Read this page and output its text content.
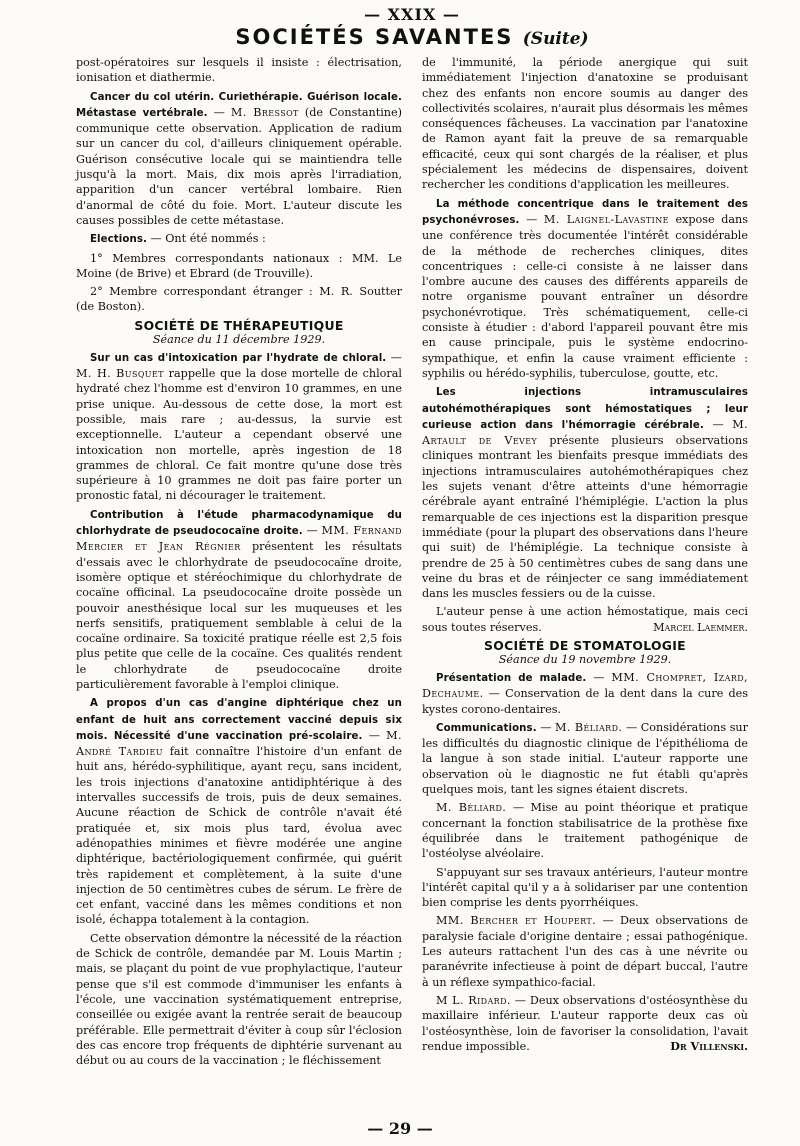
— XXIX —
SOCIÉTÉS SAVANTES (Suite)

post-opératoires sur lesquels il insiste : électrisation, ionisation et diathermie.

Cancer du col utérin. Curiethérapie. Guérison locale. Métastase vertébrale. — M. Bressot (de Constantine) communique cette observation. Application de radium sur un cancer du col, d'ailleurs cliniquement opérable. Guérison consécutive locale qui se maintiendra telle jusqu'à la mort. Mais, dix mois après l'irradiation, apparition d'un cancer vertébral lombaire. Rien d'anormal de côté du foie. Mort. L'auteur discute les causes possibles de cette métastase.

Elections. — Ont été nommés :

1° Membres correspondants nationaux : MM. Le Moine (de Brive) et Ebrard (de Trouville).

2° Membre correspondant étranger : M. R. Soutter (de Boston).

SOCIÉTÉ DE THÉRAPEUTIQUE
Séance du 11 décembre 1929.

Sur un cas d'intoxication par l'hydrate de chloral. — M. H. Busquet rappelle que la dose mortelle de chloral hydraté chez l'homme est d'environ 10 grammes, en une prise unique. Au-dessous de cette dose, la mort est possible, mais rare ; au-dessus, la survie est exceptionnelle. L'auteur a cependant observé une intoxication non mortelle, après ingestion de 18 grammes de chloral. Ce fait montre qu'une dose très supérieure à 10 grammes ne doit pas faire porter un pronostic fatal, ni décourager le traitement.

Contribution à l'étude pharmacodynamique du chlorhydrate de pseudococaïne droite. — MM. Fernand Mercier et Jean Régnier présentent les résultats d'essais avec le chlorhydrate de pseudococaïne droite, isomère optique et stéréochimique du chlorhydrate de cocaïne officinal. La pseudococaïne droite possède un pouvoir anesthésique local sur les muqueuses et les nerfs sensitifs, pratiquement semblable à celui de la cocaïne ordinaire. Sa toxicité pratique réelle est 2,5 fois plus petite que celle de la cocaïne. Ces qualités rendent le chlorhydrate de pseudococaïne droite particulièrement favorable à l'emploi clinique.

A propos d'un cas d'angine diphtérique chez un enfant de huit ans correctement vacciné depuis six mois. Nécessité d'une vaccination pré-scolaire. — M. André Tardieu fait connaître l'histoire d'un enfant de huit ans, hérédo-syphilitique, ayant reçu, sans incident, les trois injections d'anatoxine antidiphtérique à des intervalles successifs de trois, puis de deux semaines. Aucune réaction de Schick de contrôle n'avait été pratiquée et, six mois plus tard, évolua avec adénopathies minimes et fièvre modérée une angine diphtérique, bactériologiquement confirmée, qui guérit très rapidement et complètement, à la suite d'une injection de 50 centimètres cubes de sérum. Le frère de cet enfant, vacciné dans les mêmes conditions et non isolé, échappa totalement à la contagion.

Cette observation démontre la nécessité de la réaction de Schick de contrôle, demandée par M. Louis Martin ; mais, se plaçant du point de vue prophylactique, l'auteur pense que s'il est commode d'immuniser les enfants à l'école, une vaccination systématiquement entreprise, conseillée ou exigée avant la rentrée serait de beaucoup préférable. Elle permettrait d'éviter à coup sûr l'éclosion des cas encore trop fréquents de diphtérie survenant au début ou au cours de la vaccination ; le fléchissement

de l'immunité, la période anergique qui suit immédiatement l'injection d'anatoxine se produisant chez des enfants non encore soumis au danger des collectivités scolaires, n'aurait plus désormais les mêmes conséquences fâcheuses. La vaccination par l'anatoxine de Ramon ayant fait la preuve de sa remarquable efficacité, ceux qui sont chargés de la réaliser, et plus spécialement les médecins de dispensaires, doivent rechercher les conditions d'application les meilleures.

La méthode concentrique dans le traitement des psychonévroses. — M. Laignel-Lavastine expose dans une conférence très documentée l'intérêt considérable de la méthode de recherches cliniques, dites concentriques : celle-ci consiste à ne laisser dans l'ombre aucune des causes des différents appareils de notre organisme pouvant entraîner un désordre psychonévrotique. Très schématiquement, celle-ci consiste à étudier : d'abord l'appareil pouvant être mis en cause principale, puis le système endocrino-sympathique, et enfin la cause vraiment efficiente : syphilis ou hérédo-syphilis, tuberculose, goutte, etc.

Les injections intramusculaires autohémothérapiques sont hémostatiques ; leur curieuse action dans l'hémorragie cérébrale. — M. Artault de Vevey présente plusieurs observations cliniques montrant les bienfaits presque immédiats des injections intramusculaires autohémothérapiques chez les sujets venant d'être atteints d'une hémorragie cérébrale ayant entraîné l'hémiplégie. L'action la plus remarquable de ces injections est la disparition presque immédiate (pour la plupart des observations dans l'heure qui suit) de l'hémiplégie. La technique consiste à prendre de 25 à 50 centimètres cubes de sang dans une veine du bras et de réinjecter ce sang immédiatement dans les muscles fessiers ou de la cuisse.

L'auteur pense à une action hémostatique, mais ceci sous toutes réserves.	Marcel Laemmer.

SOCIÉTÉ DE STOMATOLOGIE
Séance du 19 novembre 1929.

Présentation de malade. — MM. Chompret, Izard, Dechaume. — Conservation de la dent dans la cure des kystes corono-dentaires.

Communications. — M. Béliard. — Considérations sur les difficultés du diagnostic clinique de l'épithélioma de la langue à son stade initial. L'auteur rapporte une observation où le diagnostic ne fut établi qu'après quelques mois, tant les signes étaient discrets.

M. Béliard. — Mise au point théorique et pratique concernant la fonction stabilisatrice de la prothèse fixe équilibrée dans le traitement pathogénique de l'ostéolyse alvéolaire.

S'appuyant sur ses travaux antérieurs, l'auteur montre l'intérêt capital qu'il y a à solidariser par une contention bien comprise les dents pyorrhéiques.

MM. Bercher et Houpert. — Deux observations de paralysie faciale d'origine dentaire ; essai pathogénique. Les auteurs rattachent l'un des cas à une névrite ou paranévrite infectieuse à point de départ buccal, l'autre à un réflexe sympathico-facial.

M L. Ridard. — Deux observations d'ostéosynthèse du maxillaire inférieur. L'auteur rapporte deux cas où l'ostéosynthèse, loin de favoriser la consolidation, l'avait rendue impossible.	Dr Villenski.

— 29 —
